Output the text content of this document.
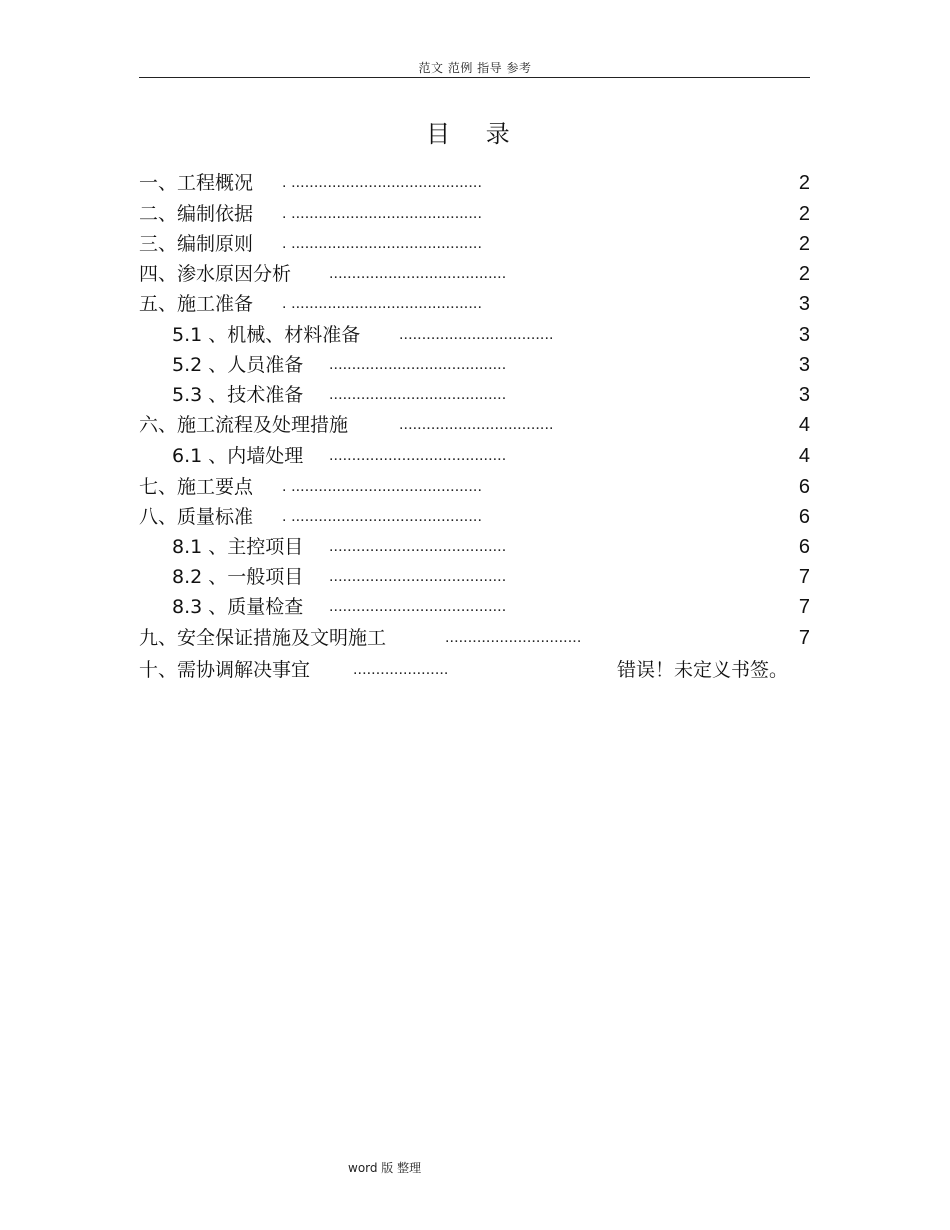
范文 范例 指导 参考
目 录
一、工程概况 . ..........................................	2
二、编制依据 . ..........................................	2
三、编制原则 . ..........................................	2
四、渗水原因分析 .......................................	2
五、施工准备 . ..........................................	3
5.1 、机械、材料准备 ..................................	3
5.2 、人员准备 .......................................	3
5.3 、技术准备 .......................................	3
六、施工流程及处理措施	..................................	4
6.1 、内墙处理 .......................................	4
七、施工要点 . ..........................................	6
八、质量标准 . ..........................................	6
8.1 、主控项目 .......................................	6
8.2 、一般项目 .......................................	7
8.3 、质量检查 .......................................	7
九、安全保证措施及文明施工	..............................	7
十、需协调解决事宜	.....................	错误！未定义书签。
word 版 整理
